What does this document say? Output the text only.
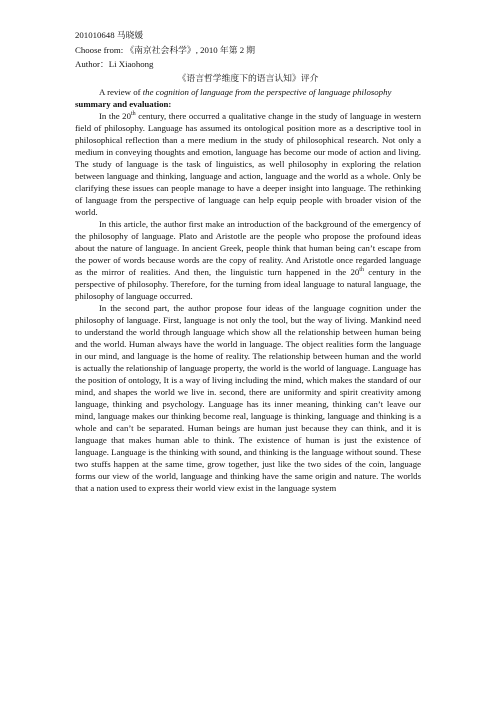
201010648 马晓媛
Choose from: 《南京社会科学》, 2010 年第 2 期
Author：Li Xiaohong
《语言哲学维度下的语言认知》评介

A review of the cognition of language from the perspective of language philosophy

summary and evaluation:

In the 20th century, there occurred a qualitative change in the study of language in western field of philosophy. Language has assumed its ontological position more as a descriptive tool in philosophical reflection than a mere medium in the study of philosophical research. Not only a medium in conveying thoughts and emotion, language has become our mode of action and living. The study of language is the task of linguistics, as well philosophy in exploring the relation between language and thinking, language and action, language and the world as a whole. Only be clarifying these issues can people manage to have a deeper insight into language. The rethinking of language from the perspective of language can help equip people with broader vision of the world.

In this article, the author first make an introduction of the background of the emergency of the philosophy of language. Plato and Aristotle are the people who propose the profound ideas about the nature of language. In ancient Greek, people think that human being can’t escape from the power of words because words are the copy of reality. And Aristotle once regarded language as the mirror of realities. And then, the linguistic turn happened in the 20th century in the perspective of philosophy. Therefore, for the turning from ideal language to natural language, the philosophy of language occurred.

In the second part, the author propose four ideas of the language cognition under the philosophy of language. First, language is not only the tool, but the way of living. Mankind need to understand the world through language which show all the relationship between human being and the world. Human always have the world in language. The object realities form the language in our mind, and language is the home of reality. The relationship between human and the world is actually the relationship of language property, the world is the world of language. Language has the position of ontology, It is a way of living including the mind, which makes the standard of our mind, and shapes the world we live in. second, there are uniformity and spirit creativity among language, thinking and psychology. Language has its inner meaning, thinking can’t leave our mind, language makes our thinking become real, language is thinking, language and thinking is a whole and can’t be separated. Human beings are human just because they can think, and it is language that makes human able to think. The existence of human is just the existence of language. Language is the thinking with sound, and thinking is the language without sound. These two stuffs happen at the same time, grow together, just like the two sides of the coin, language forms our view of the world, language and thinking have the same origin and nature. The worlds that a nation used to express their world view exist in the language system
